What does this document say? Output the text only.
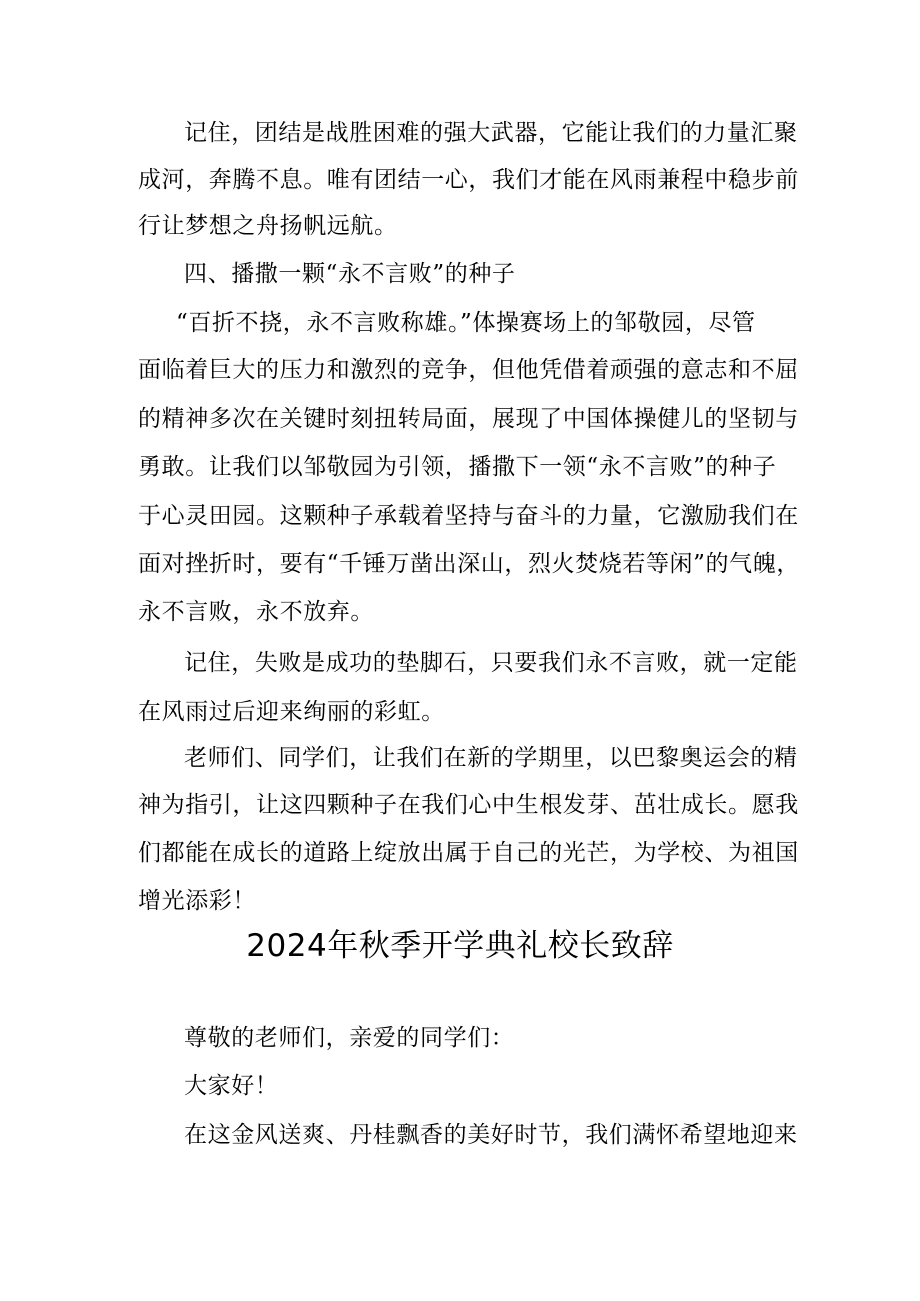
记住，团结是战胜困难的强大武器，它能让我们的力量汇聚
成河，奔腾不息。唯有团结一心，我们才能在风雨兼程中稳步前
行让梦想之舟扬帆远航。
四、播撒一颗“永不言败”的种子
“百折不挠，永不言败称雄。”体操赛场上的邹敬园，尽管
面临着巨大的压力和激烈的竞争，但他凭借着顽强的意志和不屈
的精神多次在关键时刻扭转局面，展现了中国体操健儿的坚韧与
勇敢。让我们以邹敬园为引领，播撒下一领“永不言败”的种子
于心灵田园。这颗种子承载着坚持与奋斗的力量，它激励我们在
面对挫折时，要有“千锤万凿出深山，烈火焚烧若等闲”的气魄，
永不言败，永不放弃。
记住，失败是成功的垫脚石，只要我们永不言败，就一定能
在风雨过后迎来绚丽的彩虹。
老师们、同学们，让我们在新的学期里，以巴黎奥运会的精
神为指引，让这四颗种子在我们心中生根发芽、茁壮成长。愿我
们都能在成长的道路上绽放出属于自己的光芒，为学校、为祖国
增光添彩！
2024年秋季开学典礼校长致辞
尊敬的老师们，亲爱的同学们：
大家好！
在这金风送爽、丹桂飘香的美好时节，我们满怀希望地迎来
